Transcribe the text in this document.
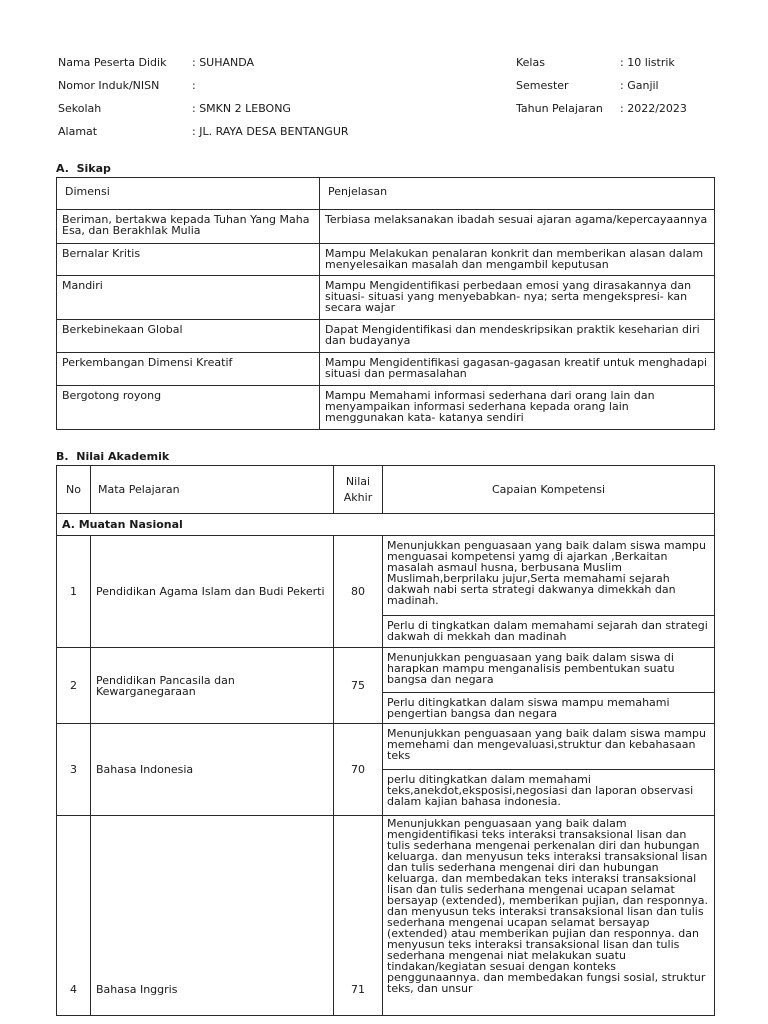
Nama Peserta Didik : SUHANDA
Nomor Induk/NISN	:
Sekolah	: SMKN 2 LEBONG
Alamat	: JL. RAYA DESA BENTANGUR
Kelas	: 10 listrik
Semester	: Ganjil
Tahun Pelajaran : 2022/2023
A. Sikap
Dimensi	Penjelasan
Beriman, bertakwa kepada Tuhan Yang Maha Esa, dan Berakhlak Mulia	Terbiasa melaksanakan ibadah sesuai ajaran agama/kepercayaannya
Bernalar Kritis	Mampu Melakukan penalaran konkrit dan memberikan alasan dalam menyelesaikan masalah dan mengambil keputusan
Mandiri	Mampu Mengidentifikasi perbedaan emosi yang dirasakannya dan situasi- situasi yang menyebabkan- nya; serta mengekspresi- kan secara wajar
Berkebinekaan Global	Dapat Mengidentifikasi dan mendeskripsikan praktik keseharian diri dan budayanya
Perkembangan Dimensi Kreatif	Mampu Mengidentifikasi gagasan-gagasan kreatif untuk menghadapi situasi dan permasalahan
Bergotong royong	Mampu Memahami informasi sederhana dari orang lain dan menyampaikan informasi sederhana kepada orang lain menggunakan kata- katanya sendiri
B. Nilai Akademik
No	Mata Pelajaran	Nilai Akhir	Capaian Kompetensi
A. Muatan Nasional			
1	Pendidikan Agama Islam dan Budi Pekerti	80	Menunjukkan penguasaan yang baik dalam siswa mampu menguasai kompetensi yamg di ajarkan ,Berkaitan masalah asmaul husna, berbusana Muslim Muslimah,berprilaku jujur,Serta memahami sejarah dakwah nabi serta strategi dakwanya dimekkah dan madinah.
Perlu di tingkatkan dalam memahami sejarah dan strategi dakwah di mekkah dan madinah

2	Pendidikan Pancasila dan Kewarganegaraan	75	Menunjukkan penguasaan yang baik dalam siswa di harapkan mampu menganalisis pembentukan suatu bangsa dan negara
Perlu ditingkatkan dalam siswa mampu memahami pengertian bangsa dan negara

3	Bahasa Indonesia	70	Menunjukkan penguasaan yang baik dalam siswa mampu memehami dan mengevaluasi,struktur dan kebahasaan teks
perlu ditingkatkan dalam memahami teks,anekdot,eksposisi,negosiasi dan laporan observasi dalam kajian bahasa indonesia.

4	Bahasa Inggris	71	Menunjukkan penguasaan yang baik dalam mengidentifikasi teks interaksi transaksional lisan dan tulis sederhana mengenai perkenalan diri dan hubungan keluarga. dan menyusun teks interaksi transaksional lisan dan tulis sederhana mengenai diri dan hubungan keluarga. dan membedakan teks interaksi transaksional lisan dan tulis sederhana mengenai ucapan selamat bersayap (extended), memberikan pujian, dan responnya. dan menyusun teks interaksi transaksional lisan dan tulis sederhana mengenai ucapan selamat bersayap (extended) atau memberikan pujian dan responnya. dan menyusun teks interaksi transaksional lisan dan tulis sederhana mengenai niat melakukan suatu tindakan/kegiatan sesuai dengan konteks penggunaannya. dan membedakan fungsi sosial, struktur teks, dan unsur
